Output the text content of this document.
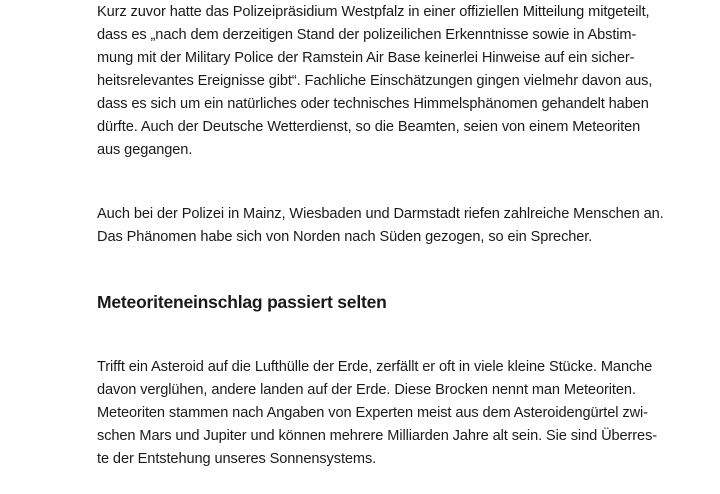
Kurz zuvor hatte das Polizeipräsidium Westpfalz in einer offiziellen Mitteilung mitgeteilt,
dass es „nach dem derzeitigen Stand der polizeilichen Erkenntnisse sowie in Abstim-
mung mit der Military Police der Ramstein Air Base keinerlei Hinweise auf ein sicher-
heitsrelevantes Ereignisse gibt“. Fachliche Einschätzungen gingen vielmehr davon aus,
dass es sich um ein natürliches oder technisches Himmelsphänomen gehandelt haben
dürfte. Auch der Deutsche Wetterdienst, so die Beamten, seien von einem Meteoriten
aus gegangen.

Auch bei der Polizei in Mainz, Wiesbaden und Darmstadt riefen zahlreiche Menschen an.
Das Phänomen habe sich von Norden nach Süden gezogen, so ein Sprecher.

Meteoriteneinschlag passiert selten

Trifft ein Asteroid auf die Lufthülle der Erde, zerfällt er oft in viele kleine Stücke. Manche
davon verglühen, andere landen auf der Erde. Diese Brocken nennt man Meteoriten.
Meteoriten stammen nach Angaben von Experten meist aus dem Asteroidengürtel zwi-
schen Mars und Jupiter und können mehrere Milliarden Jahre alt sein. Sie sind Überres-
te der Entstehung unseres Sonnensystems.
